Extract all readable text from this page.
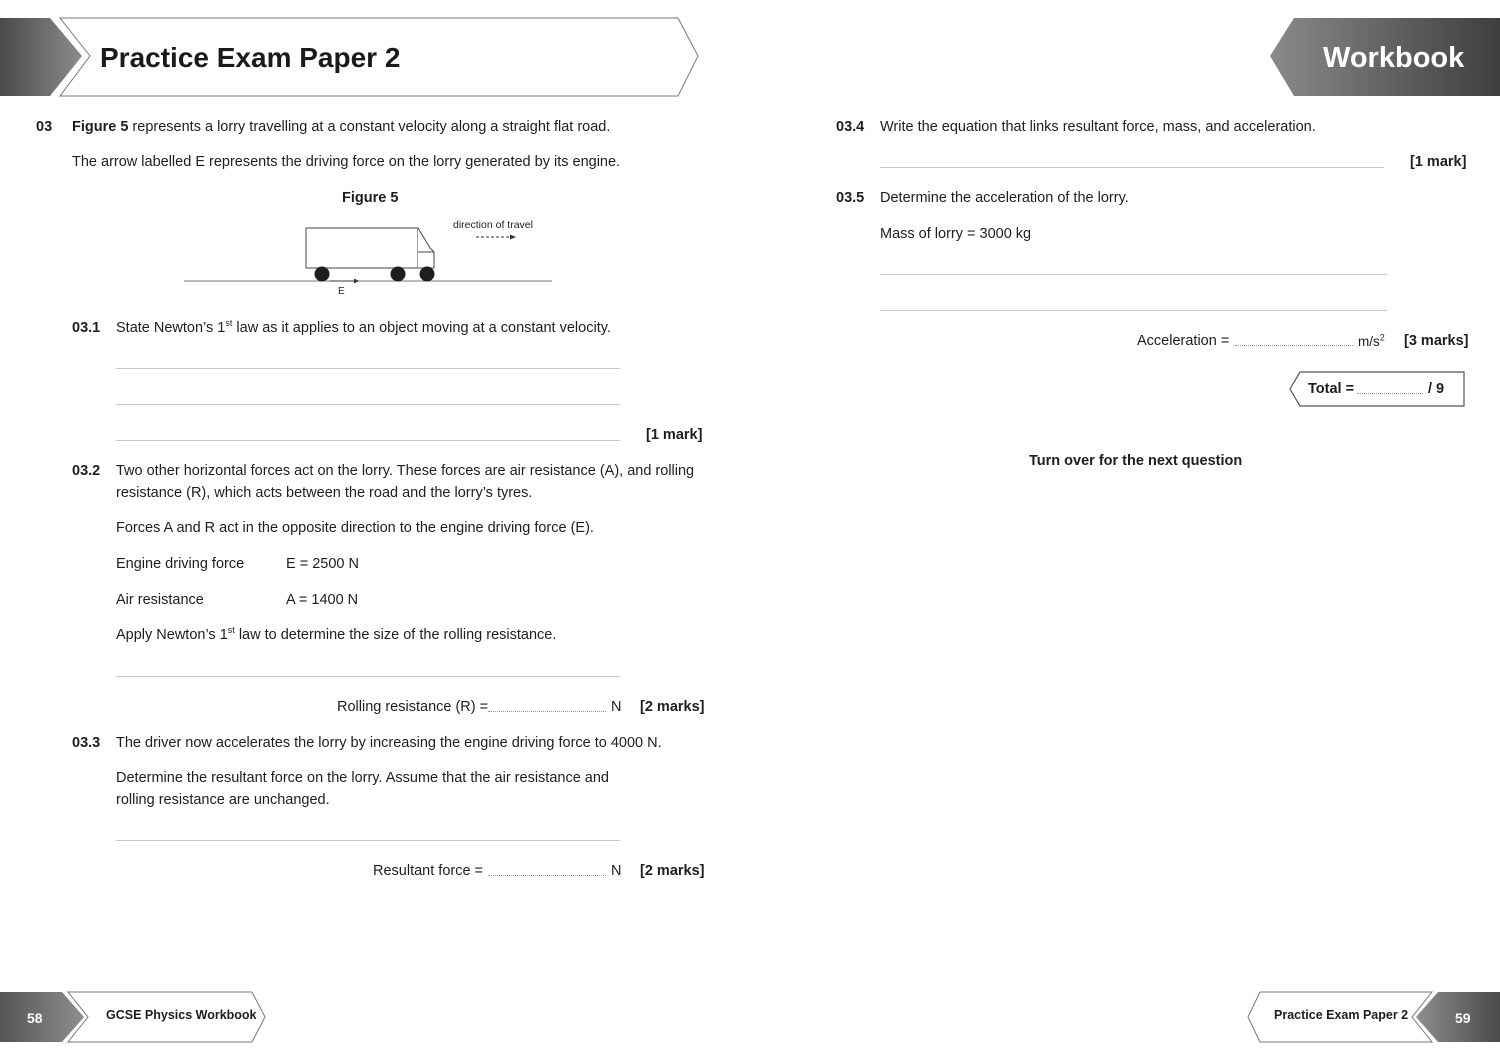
Practice Exam Paper 2	Workbook
03 Figure 5 represents a lorry travelling at a constant velocity along a straight flat road.
The arrow labelled E represents the driving force on the lorry generated by its engine.
Figure 5
direction of travel
E
03.1 State Newton’s 1st law as it applies to an object moving at a constant velocity.
[1 mark]
03.2 Two other horizontal forces act on the lorry. These forces are air resistance (A), and rolling
resistance (R), which acts between the road and the lorry’s tyres.
Forces A and R act in the opposite direction to the engine driving force (E).
Engine driving force	E = 2500 N
Air resistance	A = 1400 N
Apply Newton’s 1st law to determine the size of the rolling resistance.
Rolling resistance (R) =	N [2 marks]
03.3 The driver now accelerates the lorry by increasing the engine driving force to 4000 N.
Determine the resultant force on the lorry. Assume that the air resistance and
rolling resistance are unchanged.
Resultant force =	N [2 marks]
03.4 Write the equation that links resultant force, mass, and acceleration.
[1 mark]
03.5 Determine the acceleration of the lorry.
Mass of lorry = 3000 kg
Acceleration =	$m/s^2$ [3 marks]
Total =	/ 9
Turn over for the next question
58	GCSE Physics Workbook	Practice Exam Paper 2	59
